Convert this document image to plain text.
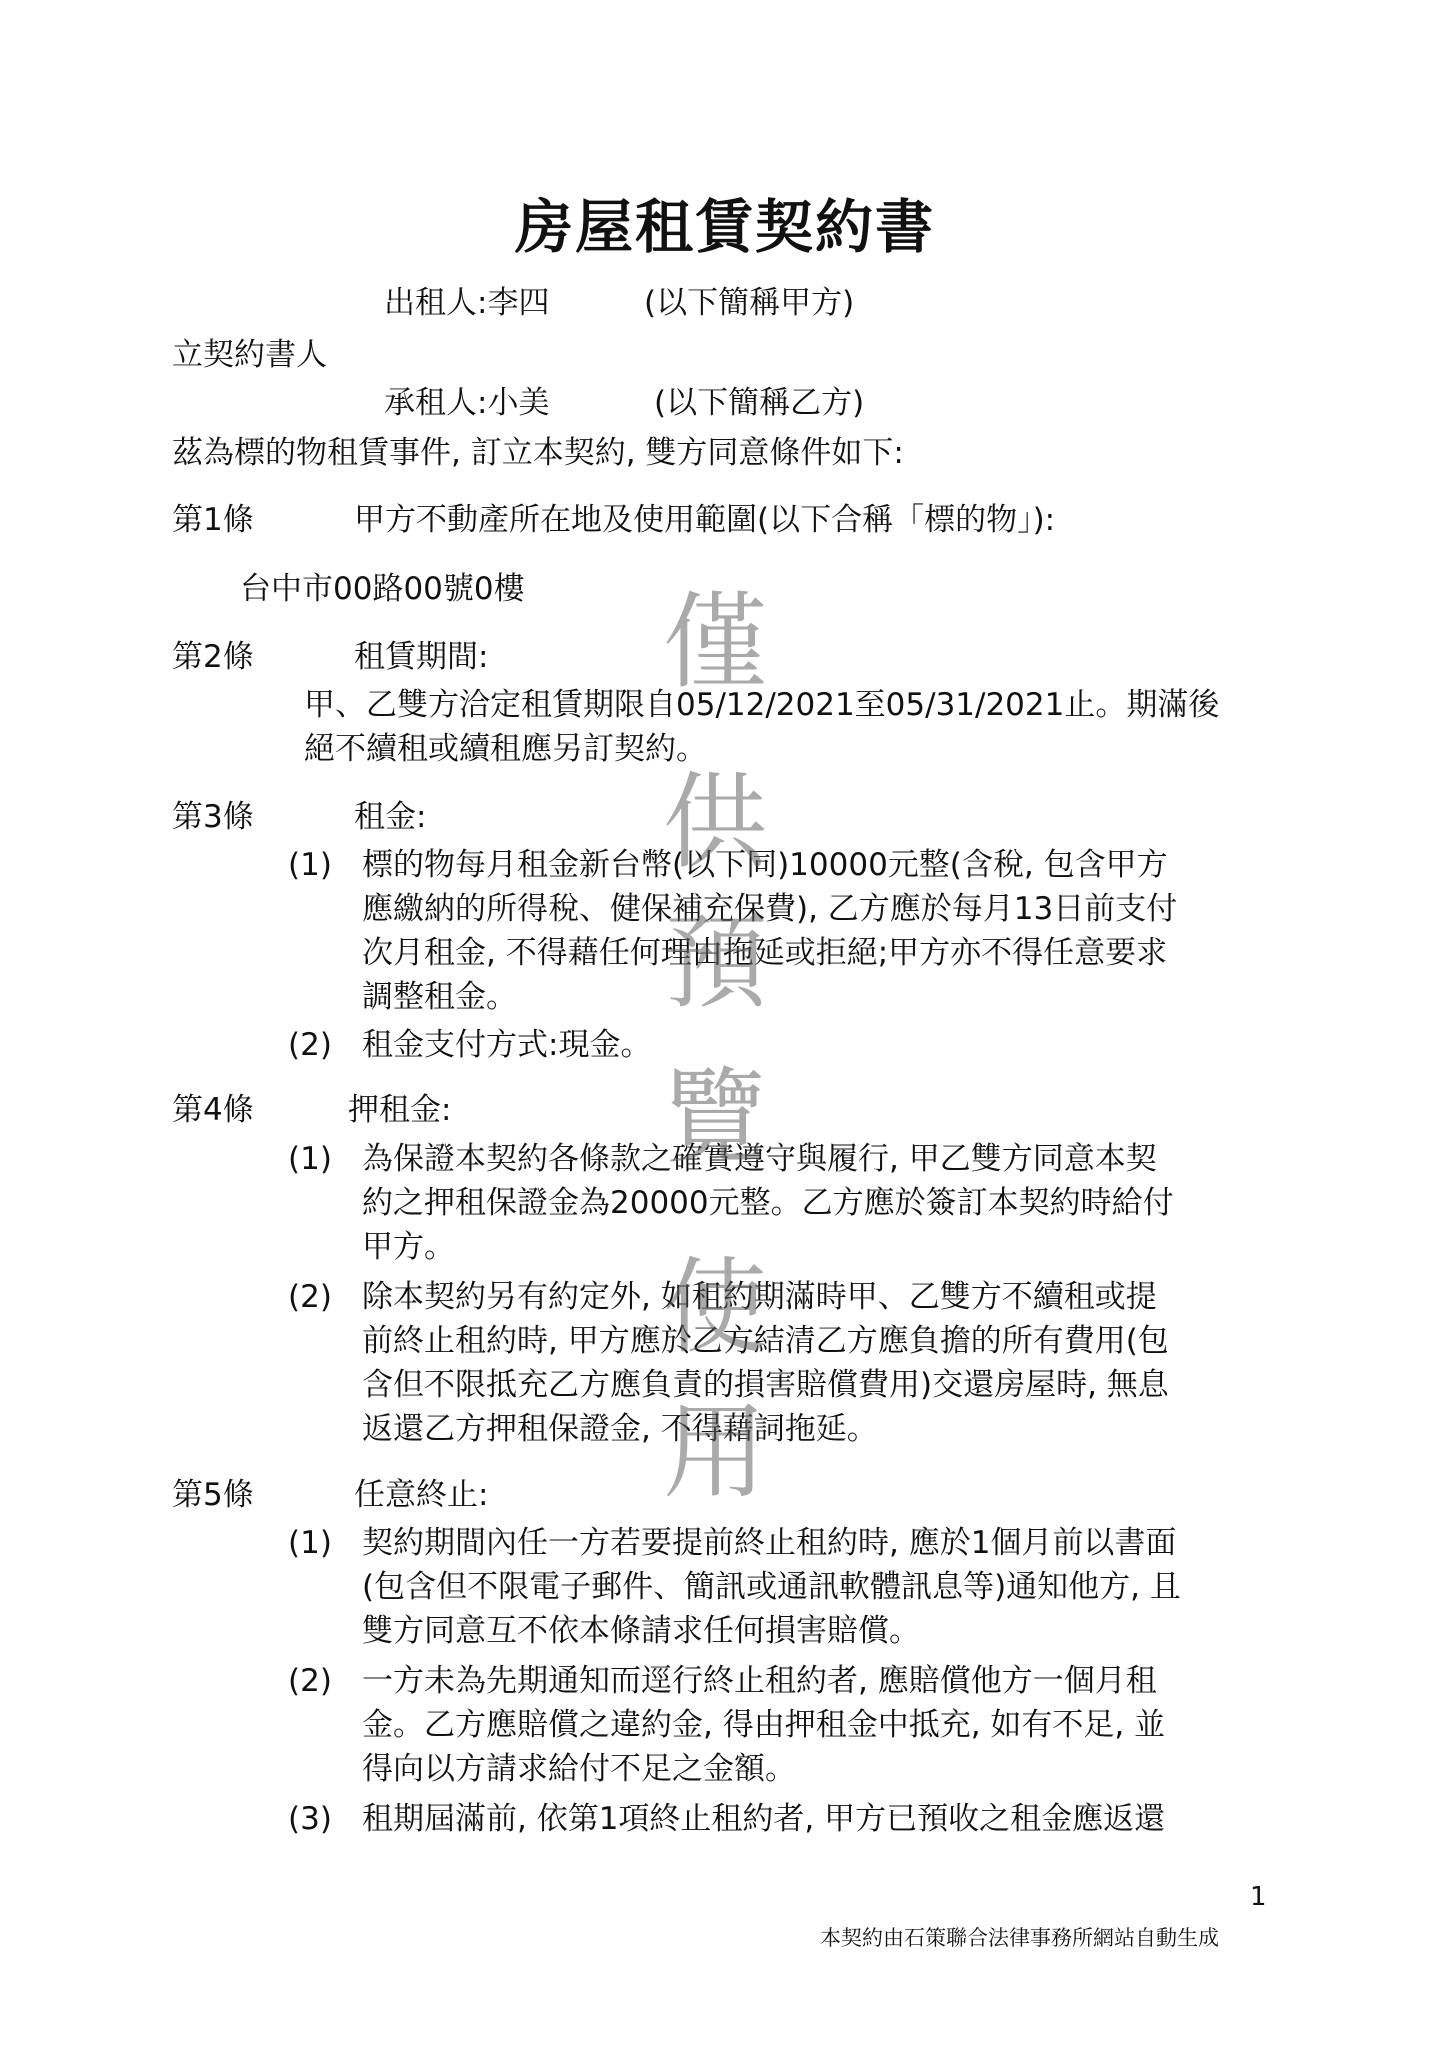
房屋租賃契約書
出租人:李四	(以下簡稱甲方)
立契約書人
承租人:小美	(以下簡稱乙方)
茲為標的物租賃事件, 訂立本契約, 雙方同意條件如下:
第1條	甲方不動產所在地及使用範圍(以下合稱「標的物」):
台中市00路00號0樓
第2條	租賃期間:
甲、乙雙方洽定租賃期限自05/12/2021至05/31/2021止。期滿後
絕不續租或續租應另訂契約。
第3條	租金:
(1) 標的物每月租金新台幣(以下同)10000元整(含稅, 包含甲方
應繳納的所得稅、健保補充保費), 乙方應於每月13日前支付
次月租金, 不得藉任何理由拖延或拒絕;甲方亦不得任意要求
調整租金。
(2) 租金支付方式:現金。
第4條	押租金:
(1) 為保證本契約各條款之確實遵守與履行, 甲乙雙方同意本契
約之押租保證金為20000元整。乙方應於簽訂本契約時給付
甲方。
(2) 除本契約另有約定外, 如租約期滿時甲、乙雙方不續租或提
前終止租約時, 甲方應於乙方結清乙方應負擔的所有費用(包
含但不限抵充乙方應負責的損害賠償費用)交還房屋時, 無息
返還乙方押租保證金, 不得藉詞拖延。
第5條	任意終止:
(1) 契約期間內任一方若要提前終止租約時, 應於1個月前以書面
(包含但不限電子郵件、簡訊或通訊軟體訊息等)通知他方, 且
雙方同意互不依本條請求任何損害賠償。
(2) 一方未為先期通知而逕行終止租約者, 應賠償他方一個月租
金。乙方應賠償之違約金, 得由押租金中抵充, 如有不足, 並
得向以方請求給付不足之金額。
(3) 租期屆滿前, 依第1項終止租約者, 甲方已預收之租金應返還
僅
供
預
覽
使
用
1
本契約由石策聯合法律事務所網站自動生成
